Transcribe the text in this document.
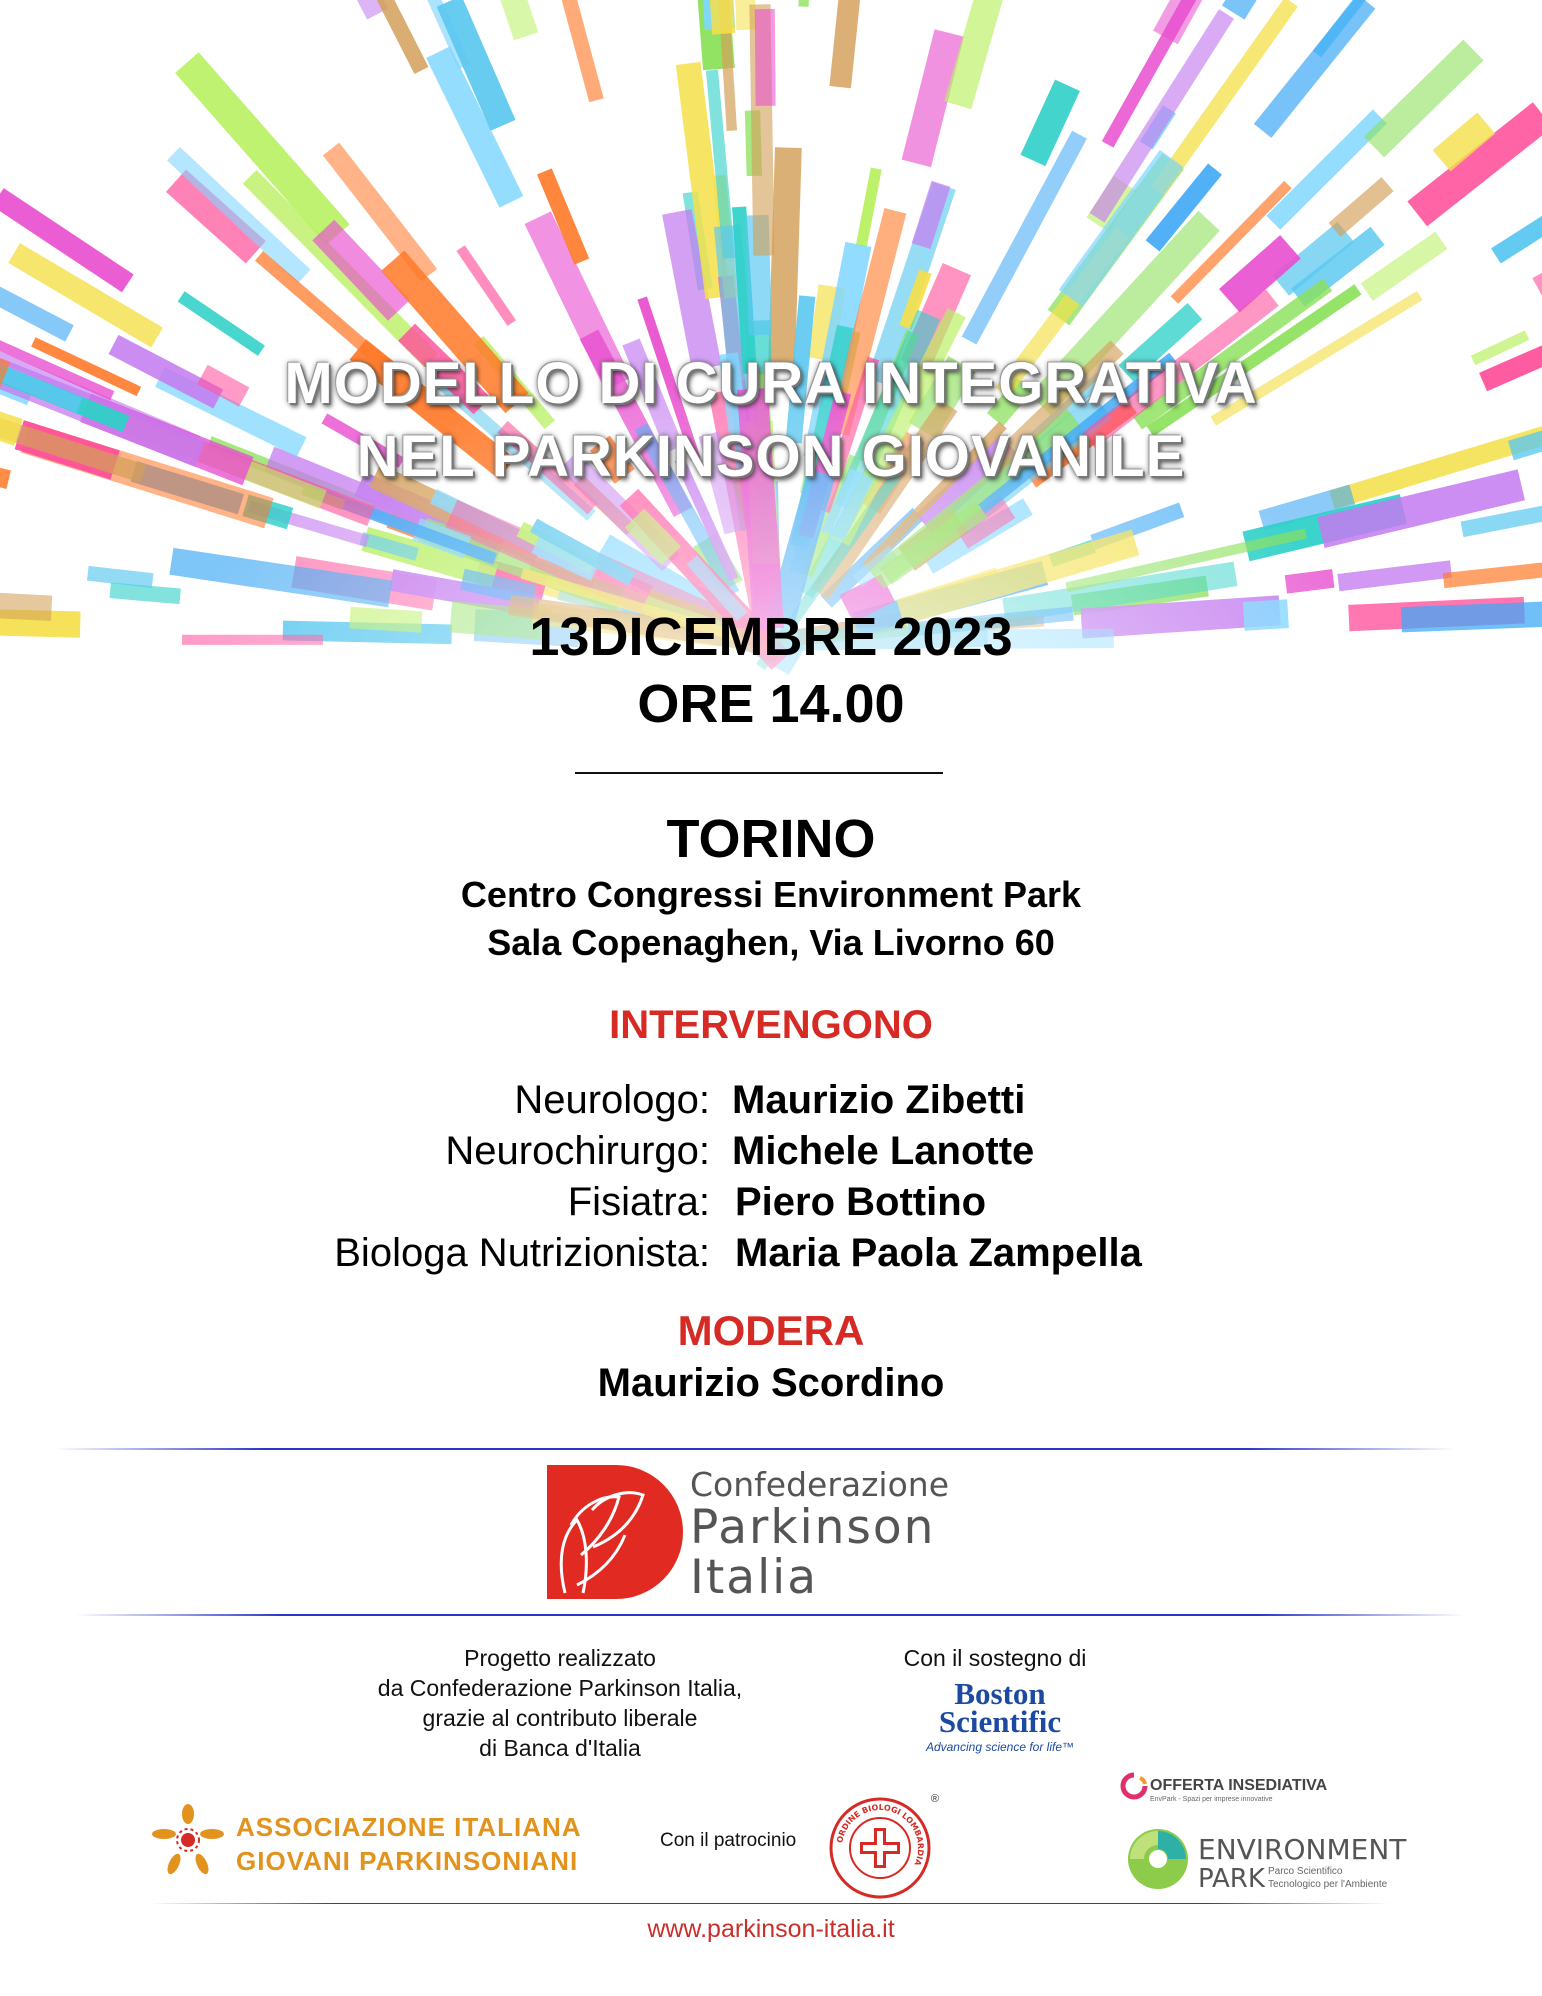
MODELLO DI CURA INTEGRATIVA
NEL PARKINSON GIOVANILE
13DICEMBRE 2023
ORE 14.00
TORINO
Centro Congressi Environment Park
Sala Copenaghen, Via Livorno 60
INTERVENGONO
Neurologo: Maurizio Zibetti
Neurochirurgo: Michele Lanotte
Fisiatra: Piero Bottino
Biologa Nutrizionista: Maria Paola Zampella
MODERA
Maurizio Scordino
Confederazione
Parkinson
Italia
Progetto realizzato
da Confederazione Parkinson Italia,
grazie al contributo liberale
di Banca d'Italia
Con il sostegno di
Boston
Scientific
Advancing science for life™
ASSOCIAZIONE ITALIANA
GIOVANI PARKINSONIANI
Con il patrocinio	ORDINE BIOLOGI LOMBARDIA
®
OFFERTA INSEDIATIVA
EnvPark - Spazi per imprese innovative
ENVIRONMENT
PARK Parco Scientifico
Tecnologico per l'Ambiente
www.parkinson-italia.it
